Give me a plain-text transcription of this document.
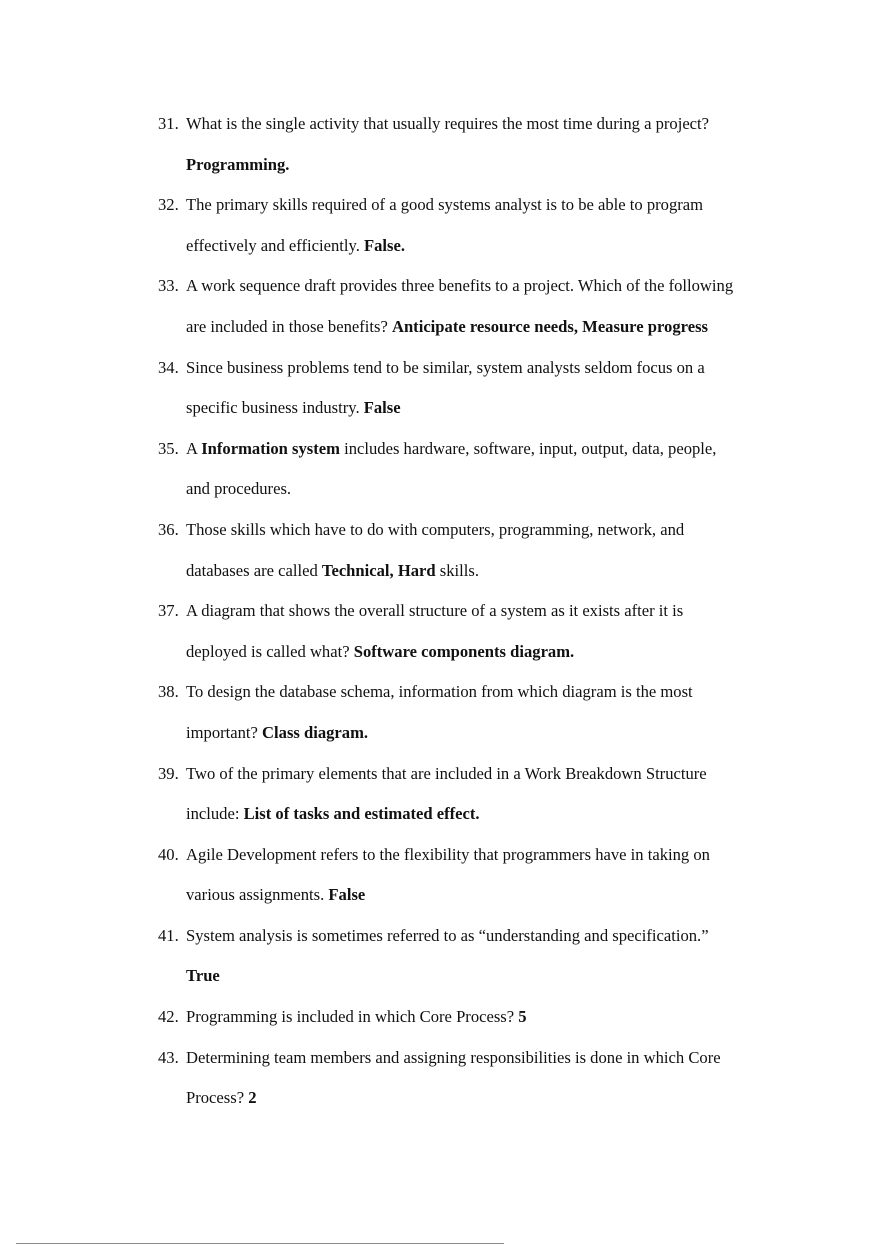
31. What is the single activity that usually requires the most time during a project?
Programming.
32. The primary skills required of a good systems analyst is to be able to program
effectively and efficiently. False.
33. A work sequence draft provides three benefits to a project. Which of the following
are included in those benefits? Anticipate resource needs, Measure progress
34. Since business problems tend to be similar, system analysts seldom focus on a
specific business industry. False
35. A Information system includes hardware, software, input, output, data, people,
and procedures.
36. Those skills which have to do with computers, programming, network, and
databases are called Technical, Hard skills.
37. A diagram that shows the overall structure of a system as it exists after it is
deployed is called what? Software components diagram.
38. To design the database schema, information from which diagram is the most
important? Class diagram.
39. Two of the primary elements that are included in a Work Breakdown Structure
include: List of tasks and estimated effect.
40. Agile Development refers to the flexibility that programmers have in taking on
various assignments. False
41. System analysis is sometimes referred to as “understanding and specification.”
True
42. Programming is included in which Core Process? 5
43. Determining team members and assigning responsibilities is done in which Core
Process? 2
